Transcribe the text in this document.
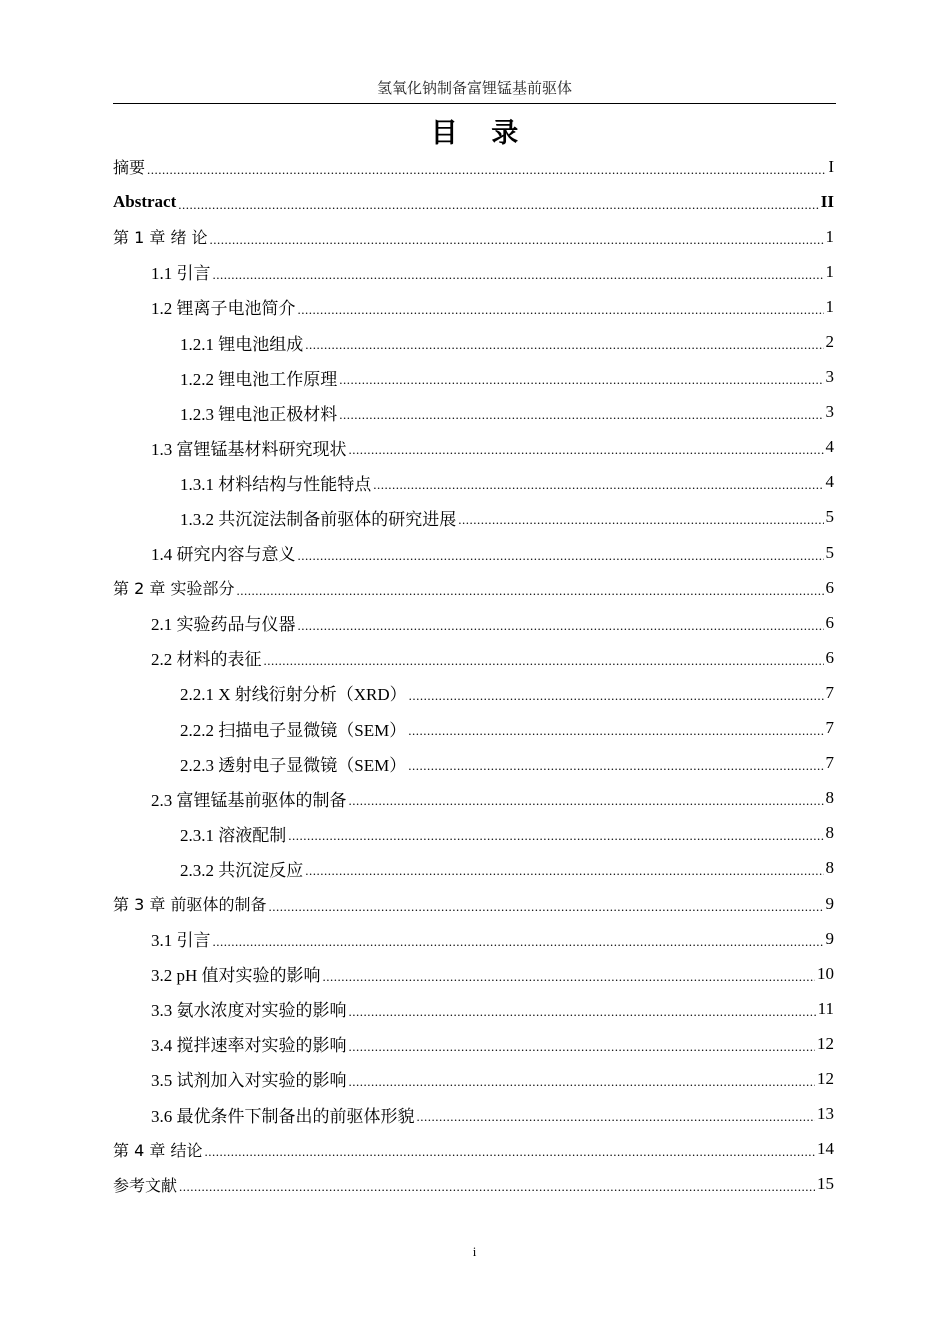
氢氧化钠制备富锂锰基前驱体
目 录
摘要 .....	I
Abstract .....	II
第 1 章 绪 论 .....	1
1.1 引言 .....	1
1.2 锂离子电池简介 .....	1
1.2.1 锂电池组成 .....	2
1.2.2 锂电池工作原理 .....	3
1.2.3 锂电池正极材料 .....	3
1.3 富锂锰基材料研究现状 .....	4
1.3.1 材料结构与性能特点 .....	4
1.3.2 共沉淀法制备前驱体的研究进展 .....	5
1.4 研究内容与意义 .....	5
第 2 章 实验部分 .....	6
2.1 实验药品与仪器 .....	6
2.2 材料的表征 .....	6
2.2.1 X 射线衍射分析（XRD） .....	7
2.2.2 扫描电子显微镜（SEM） .....	7
2.2.3 透射电子显微镜（SEM） .....	7
2.3 富锂锰基前驱体的制备 .....	8
2.3.1 溶液配制 .....	8
2.3.2 共沉淀反应 .....	8
第 3 章 前驱体的制备 .....	9
3.1 引言 .....	9
3.2 pH 值对实验的影响 .....	10
3.3 氨水浓度对实验的影响 .....	11
3.4 搅拌速率对实验的影响 .....	12
3.5 试剂加入对实验的影响 .....	12
3.6 最优条件下制备出的前驱体形貌 .....	13
第 4 章 结论 .....	14
参考文献 .....	15
i
